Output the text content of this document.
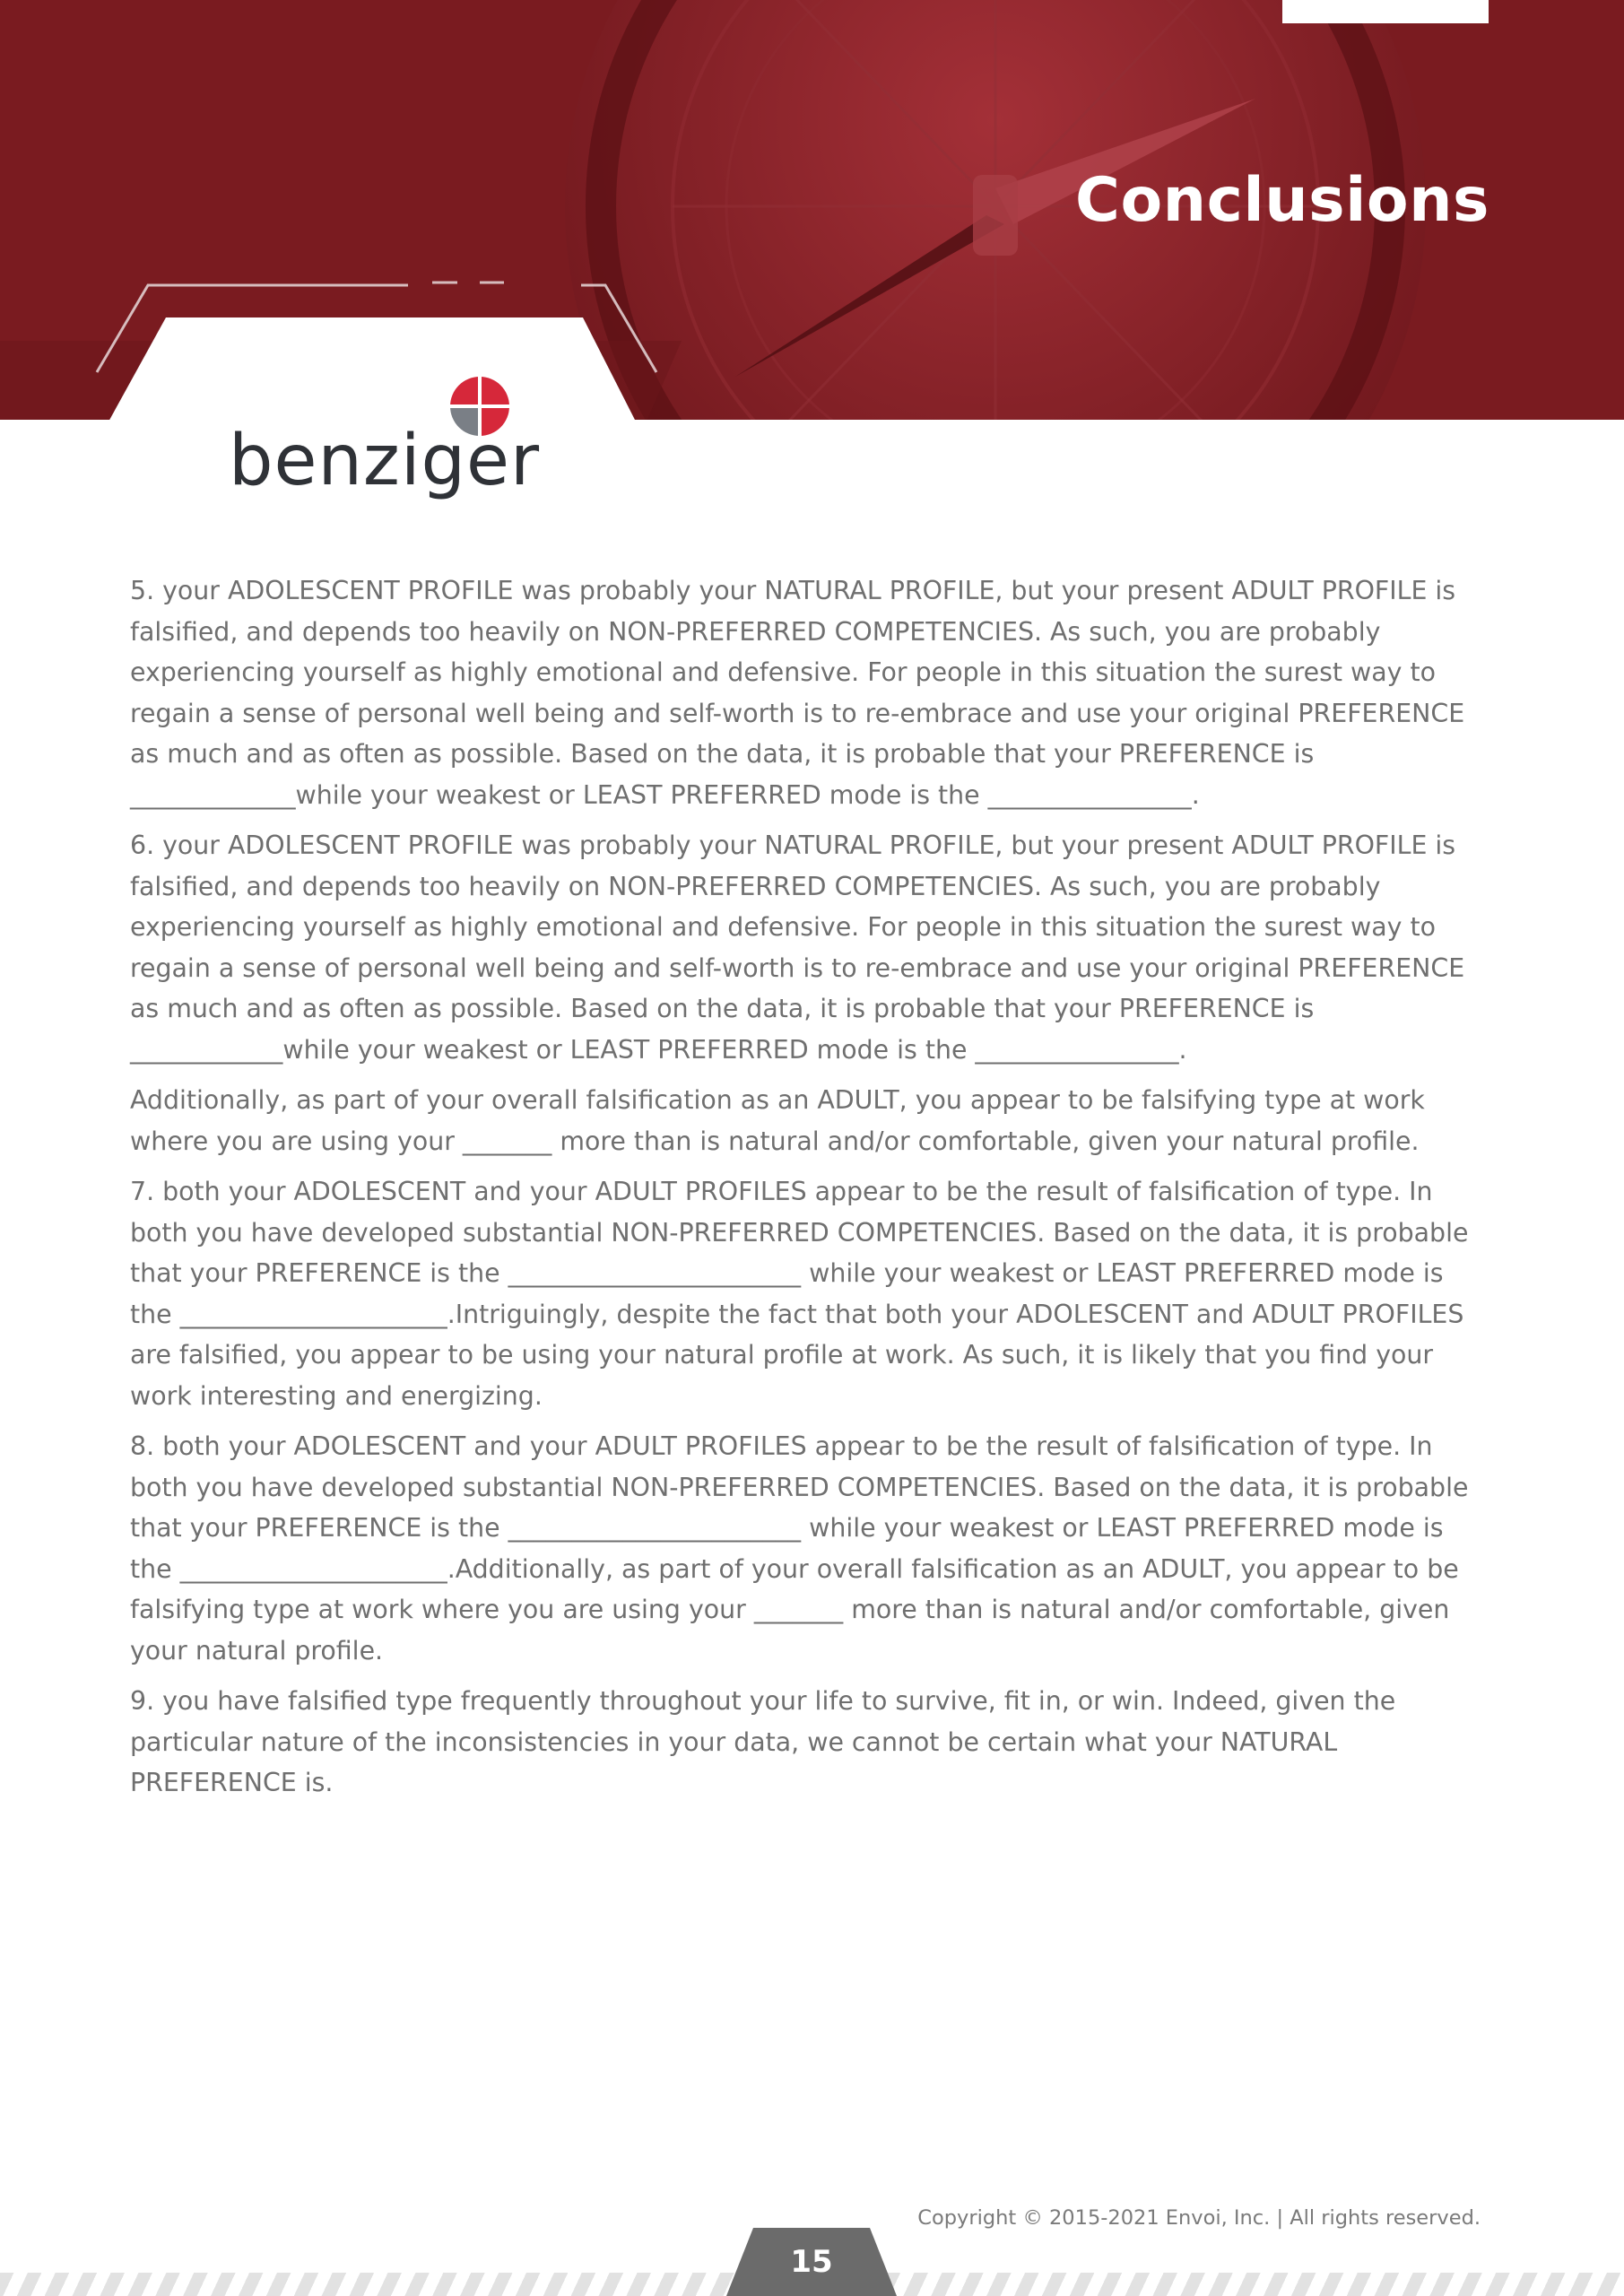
Conclusions
benziger

5. your ADOLESCENT PROFILE was probably your NATURAL PROFILE, but your present ADULT PROFILE is falsified, and depends too heavily on NON-PREFERRED COMPETENCIES. As such, you are probably experiencing yourself as highly emotional and defensive. For people in this situation the surest way to regain a sense of personal well being and self-worth is to re-embrace and use your original PREFERENCE as much and as often as possible. Based on the data, it is probable that your PREFERENCE is _____________while your weakest or LEAST PREFERRED mode is the ________________.

6. your ADOLESCENT PROFILE was probably your NATURAL PROFILE, but your present ADULT PROFILE is falsified, and depends too heavily on NON-PREFERRED COMPETENCIES. As such, you are probably experiencing yourself as highly emotional and defensive. For people in this situation the surest way to regain a sense of personal well being and self-worth is to re-embrace and use your original PREFERENCE as much and as often as possible. Based on the data, it is probable that your PREFERENCE is ____________while your weakest or LEAST PREFERRED mode is the ________________.

Additionally, as part of your overall falsification as an ADULT, you appear to be falsifying type at work where you are using your _______ more than is natural and/or comfortable, given your natural profile.

7. both your ADOLESCENT and your ADULT PROFILES appear to be the result of falsification of type. In both you have developed substantial NON-PREFERRED COMPETENCIES. Based on the data, it is probable that your PREFERENCE is the _______________________ while your weakest or LEAST PREFERRED mode is the _____________________.Intriguingly, despite the fact that both your ADOLESCENT and ADULT PROFILES are falsified, you appear to be using your natural profile at work. As such, it is likely that you find your work interesting and energizing.

8. both your ADOLESCENT and your ADULT PROFILES appear to be the result of falsification of type. In both you have developed substantial NON-PREFERRED COMPETENCIES. Based on the data, it is probable that your PREFERENCE is the _______________________ while your weakest or LEAST PREFERRED mode is the _____________________.Additionally, as part of your overall falsification as an ADULT, you appear to be falsifying type at work where you are using your _______ more than is natural and/or comfortable, given your natural profile.

9. you have falsified type frequently throughout your life to survive, fit in, or win. Indeed, given the particular nature of the inconsistencies in your data, we cannot be certain what your NATURAL PREFERENCE is.

Copyright © 2015-2021 Envoi, Inc. | All rights reserved.
15
